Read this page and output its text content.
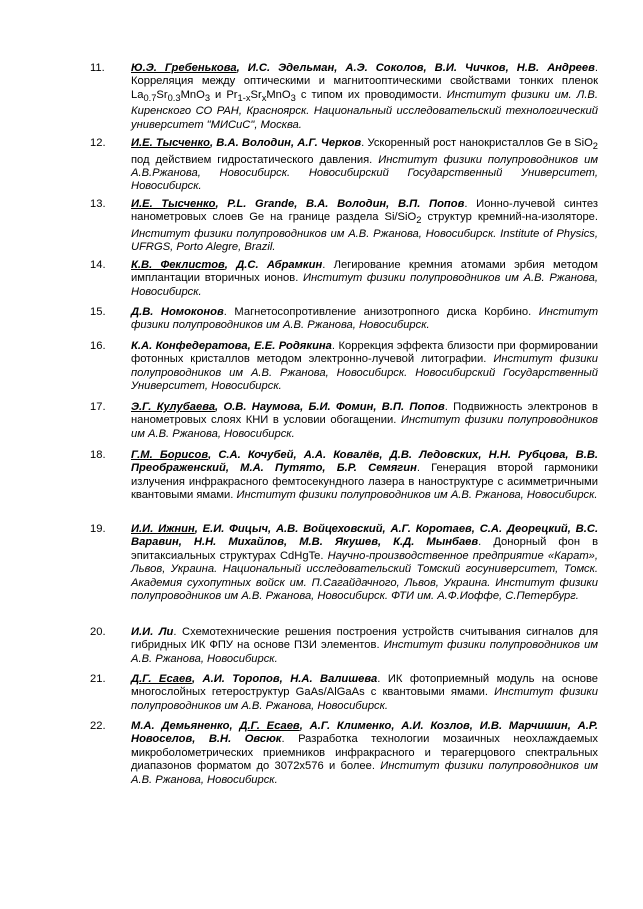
11.	Ю.Э. Гребенькова, И.С. Эдельман, А.Э. Соколов, В.И. Чичков, Н.В. Андреев. Корреляция между оптическими и магнитооптическими свойствами тонких пленок $La_{0.7}Sr_{0.3}MnO_3$ и $Pr_{1-x}Sr_xMnO_3$ с типом их проводимости. Институт физики им. Л.В. Киренского СО РАН, Красноярск. Национальный исследовательский технологический университет "МИСиС", Москва.
12.	И.Е. Тысченко, В.А. Володин, А.Г. Черков. Ускоренный рост нанокристаллов Ge в SiO$_2$ под действием гидростатического давления. Институт физики полупроводников им А.В.Ржанова, Новосибирск. Новосибирский Государственный Университет, Новосибирск.
13.	И.Е. Тысченко, P.L. Grande, В.А. Володин, В.П. Попов. Ионно-лучевой синтез нанометровых слоев Ge на границе раздела Si/SiO$_2$ структур кремний-на-изоляторе. Институт физики полупроводников им А.В. Ржанова, Новосибирск. Institute of Physics, UFRGS, Porto Alegre, Brazil.
14.	К.В. Феклистов, Д.С. Абрамкин. Легирование кремния атомами эрбия методом имплантации вторичных ионов. Институт физики полупроводников им А.В. Ржанова, Новосибирск.
15.	Д.В. Номоконов. Магнетосопротивление анизотропного диска Корбино. Институт физики полупроводников им А.В. Ржанова, Новосибирск.
16.	К.А. Конфедератова, Е.Е. Родякина. Коррекция эффекта близости при формировании фотонных кристаллов методом электронно-лучевой литографии. Институт физики полупроводников им А.В. Ржанова, Новосибирск. Новосибирский Государственный Университет, Новосибирск.
17.	Э.Г. Кулубаева, О.В. Наумова, Б.И. Фомин, В.П. Попов. Подвижность электронов в нанометровых слоях КНИ в условии обогащении. Институт физики полупроводников им А.В. Ржанова, Новосибирск.
18.	Г.М. Борисов, С.А. Кочубей, А.А. Ковалёв, Д.В. Ледовских, Н.Н. Рубцова, В.В. Преображенский, М.А. Путято, Б.Р. Семягин. Генерация второй гармоники излучения инфракрасного фемтосекундного лазера в наноструктуре с асимметричными квантовыми ямами. Институт физики полупроводников им А.В. Ржанова, Новосибирск.
19.	И.И. Ижнин, Е.И. Фицыч, А.В. Войцеховский, А.Г. Коротаев, С.А. Деорецкий, В.С. Варавин, Н.Н. Михайлов, М.В. Якушев, К.Д. Мынбаев. Донорный фон в эпитаксиальных структурах CdHgTe. Научно-производственное предприятие «Карат», Львов, Украина. Национальный исследовательский Томский госуниверситет, Томск. Академия сухопутных войск им. П.Сагайдачного, Львов, Украина. Институт физики полупроводников им А.В. Ржанова, Новосибирск. ФТИ им. А.Ф.Иоффе, С.Петербург.
20.	И.И. Ли. Схемотехнические решения построения устройств считывания сигналов для гибридных ИК ФПУ на основе ПЗИ элементов. Институт физики полупроводников им А.В. Ржанова, Новосибирск.
21.	Д.Г. Есаев, А.И. Торопов, Н.А. Валишева. ИК фотоприемный модуль на основе многослойных гетероструктур GaAs/AlGaAs с квантовыми ямами. Институт физики полупроводников им А.В. Ржанова, Новосибирск.
22.	М.А. Демьяненко, Д.Г. Есаев, А.Г. Клименко, А.И. Козлов, И.В. Марчишин, А.Р. Новоселов, В.Н. Овсюк. Разработка технологии мозаичных неохлаждаемых микроболометрических приемников инфракрасного и терагерцового спектральных диапазонов форматом до 3072x576 и более. Институт физики полупроводников им А.В. Ржанова, Новосибирск.
